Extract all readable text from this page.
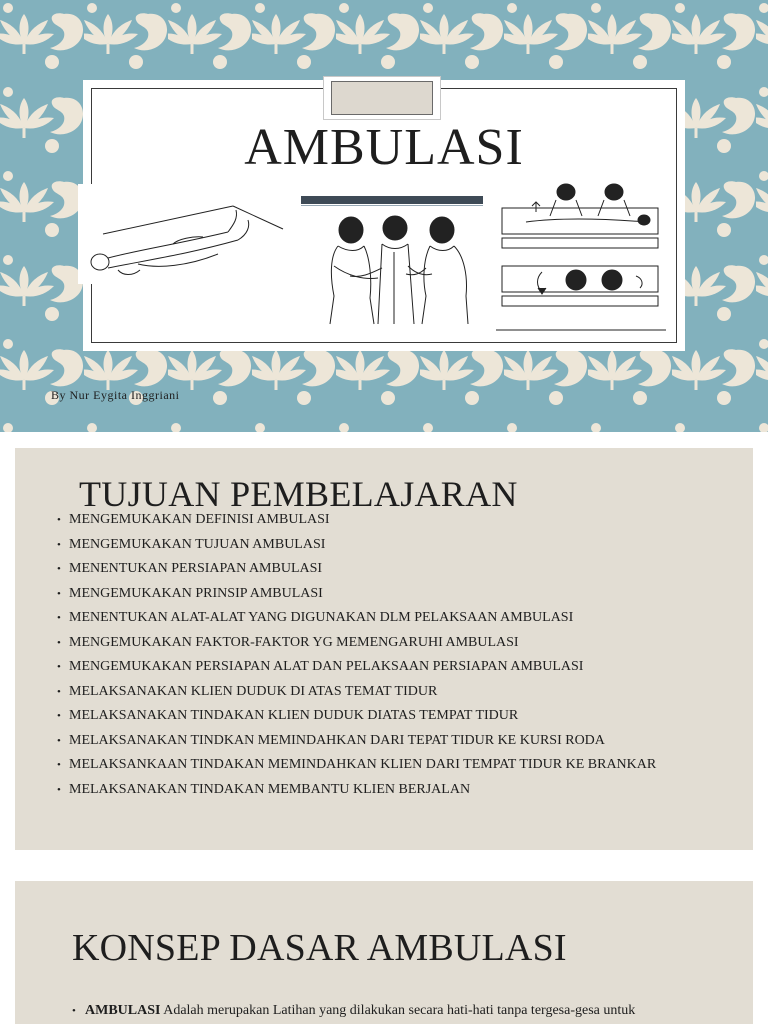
AMBULASI
By Nur Eygita Inggriani
TUJUAN PEMBELAJARAN
• MENGEMUKAKAN DEFINISI AMBULASI
• MENGEMUKAKAN TUJUAN AMBULASI
• MENENTUKAN PERSIAPAN AMBULASI
• MENGEMUKAKAN PRINSIP AMBULASI
• MENENTUKAN ALAT-ALAT YANG DIGUNAKAN DLM PELAKSAAN AMBULASI
• MENGEMUKAKAN FAKTOR-FAKTOR YG MEMENGARUHI AMBULASI
• MENGEMUKAKAN PERSIAPAN ALAT DAN PELAKSAAN PERSIAPAN AMBULASI
• MELAKSANAKAN KLIEN DUDUK DI ATAS TEMAT TIDUR
• MELAKSANAKAN TINDAKAN KLIEN DUDUK DIATAS TEMPAT TIDUR
• MELAKSANAKAN TINDKAN MEMINDAHKAN DARI TEPAT TIDUR KE KURSI RODA
• MELAKSANKAAN TINDAKAN MEMINDAHKAN KLIEN DARI TEMPAT TIDUR KE BRANKAR
• MELAKSANAKAN TINDAKAN MEMBANTU KLIEN BERJALAN
KONSEP DASAR AMBULASI
• AMBULASI Adalah merupakan Latihan yang dilakukan secara hati-hati tanpa tergesa-gesa untuk
